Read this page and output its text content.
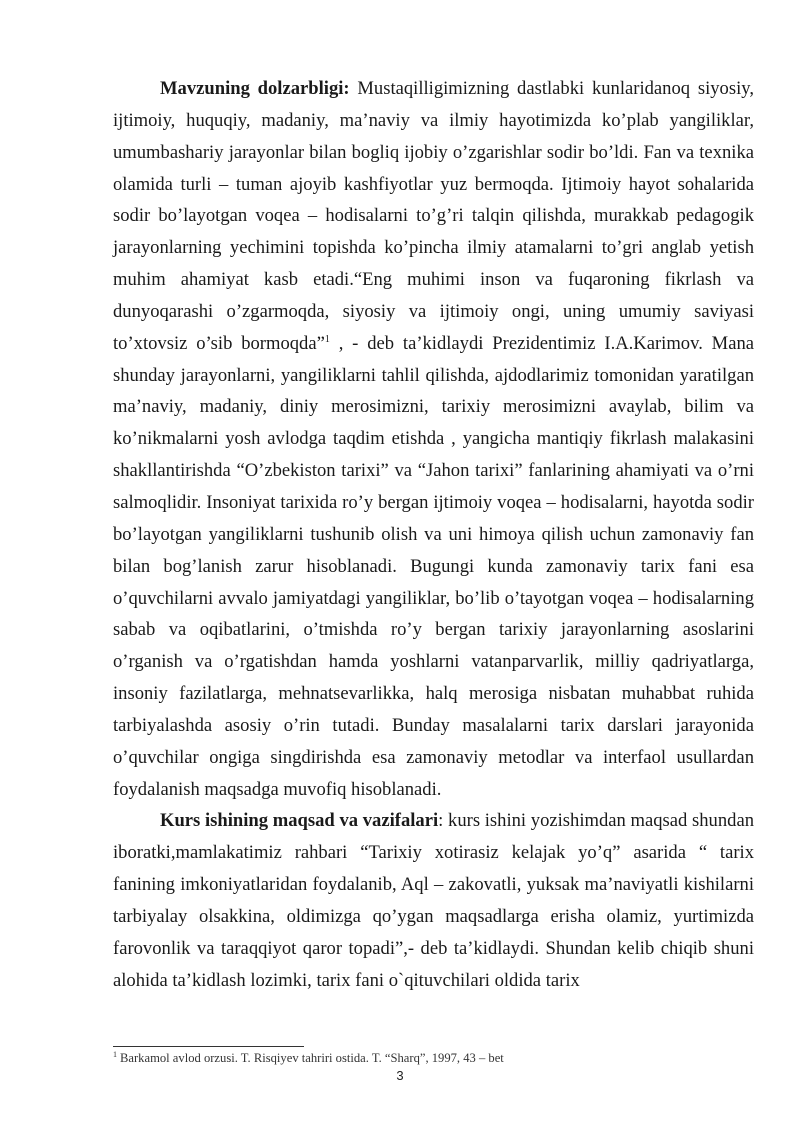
Mavzuning dolzarbligi: Mustaqilligimizning dastlabki kunlaridanoq siyosiy, ijtimoiy, huquqiy, madaniy, ma’naviy va ilmiy hayotimizda ko’plab yangiliklar, umumbashariy jarayonlar bilan bogliq ijobiy o’zgarishlar sodir bo’ldi. Fan va texnika olamida turli – tuman ajoyib kashfiyotlar yuz bermoqda. Ijtimoiy hayot sohalarida sodir bo’layotgan voqea – hodisalarni to’g’ri talqin qilishda, murakkab pedagogik jarayonlarning yechimini topishda ko’pincha ilmiy atamalarni to’gri anglab yetish muhim ahamiyat kasb etadi.“Eng muhimi inson va fuqaroning fikrlash va dunyoqarashi o’zgarmoqda, siyosiy va ijtimoiy ongi, uning umumiy saviyasi to’xtovsiz o’sib bormoqda”$^1$ , - deb ta’kidlaydi Prezidentimiz I.A.Karimov. Mana shunday jarayonlarni, yangiliklarni tahlil qilishda, ajdodlarimiz tomonidan yaratilgan ma’naviy, madaniy, diniy merosimizni, tarixiy merosimizni avaylab, bilim va ko’nikmalarni yosh avlodga taqdim etishda , yangicha mantiqiy fikrlash malakasini shakllantirishda “O’zbekiston tarixi” va “Jahon tarixi” fanlarining ahamiyati va o’rni salmoqlidir. Insoniyat tarixida ro’y bergan ijtimoiy voqea – hodisalarni, hayotda sodir bo’layotgan yangiliklarni tushunib olish va uni himoya qilish uchun zamonaviy fan bilan bog’lanish zarur hisoblanadi. Bugungi kunda zamonaviy tarix fani esa o’quvchilarni avvalo jamiyatdagi yangiliklar, bo’lib o’tayotgan voqea – hodisalarning sabab va oqibatlarini, o’tmishda ro’y bergan tarixiy jarayonlarning asoslarini o’rganish va o’rgatishdan hamda yoshlarni vatanparvarlik, milliy qadriyatlarga, insoniy fazilatlarga, mehnatsevarlikka, halq merosiga nisbatan muhabbat ruhida tarbiyalashda asosiy o’rin tutadi. Bunday masalalarni tarix darslari jarayonida o’quvchilar ongiga singdirishda esa zamonaviy metodlar va interfaol usullardan foydalanish maqsadga muvofiq hisoblanadi.

Kurs ishining maqsad va vazifalari: kurs ishini yozishimdan maqsad shundan iboratki,mamlakatimiz rahbari “Tarixiy xotirasiz kelajak yo’q” asarida “ tarix fanining imkoniyatlaridan foydalanib, Aql – zakovatli, yuksak ma’naviyatli kishilarni tarbiyalay olsakkina, oldimizga qo’ygan maqsadlarga erisha olamiz, yurtimizda farovonlik va taraqqiyot qaror topadi”,- deb ta’kidlaydi. Shundan kelib chiqib shuni alohida ta’kidlash lozimki, tarix fani o`qituvchilari oldida tarix

$^1$ Barkamol avlod orzusi. T. Risqiyev tahriri ostida. T. “Sharq”, 1997, 43 – bet
3
